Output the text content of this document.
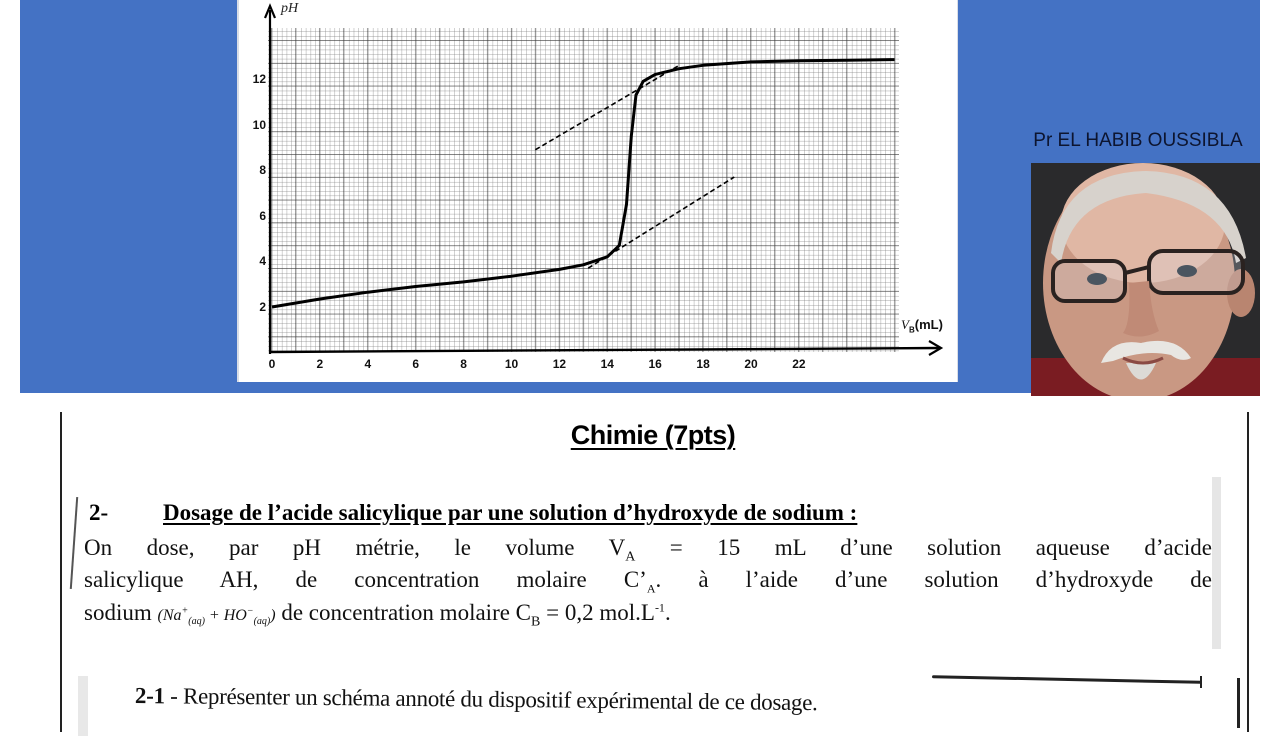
pH
$V_B(mL)$
0	2	4	6	8	10	12	14	16	18	20	22
2
4
6
8
10
12
Pr EL HABIB OUSSIBLA
Chimie (7pts)
2- Dosage de l’acide salicylique par une solution d’hydroxyde de sodium :
On dose, par pH métrie, le volume $V_A = 15$ mL d’une solution aqueuse d’acide
salicylique AH, de concentration molaire $C’_A$. à l’aide d’une solution d’hydroxyde de
sodium $(Na^+_{(aq)} + HO^-_{(aq)})$ de concentration molaire $C_B = 0,2$ $mol.L^{-1}$.
2-1 - Représenter un schéma annoté du dispositif expérimental de ce dosage.
